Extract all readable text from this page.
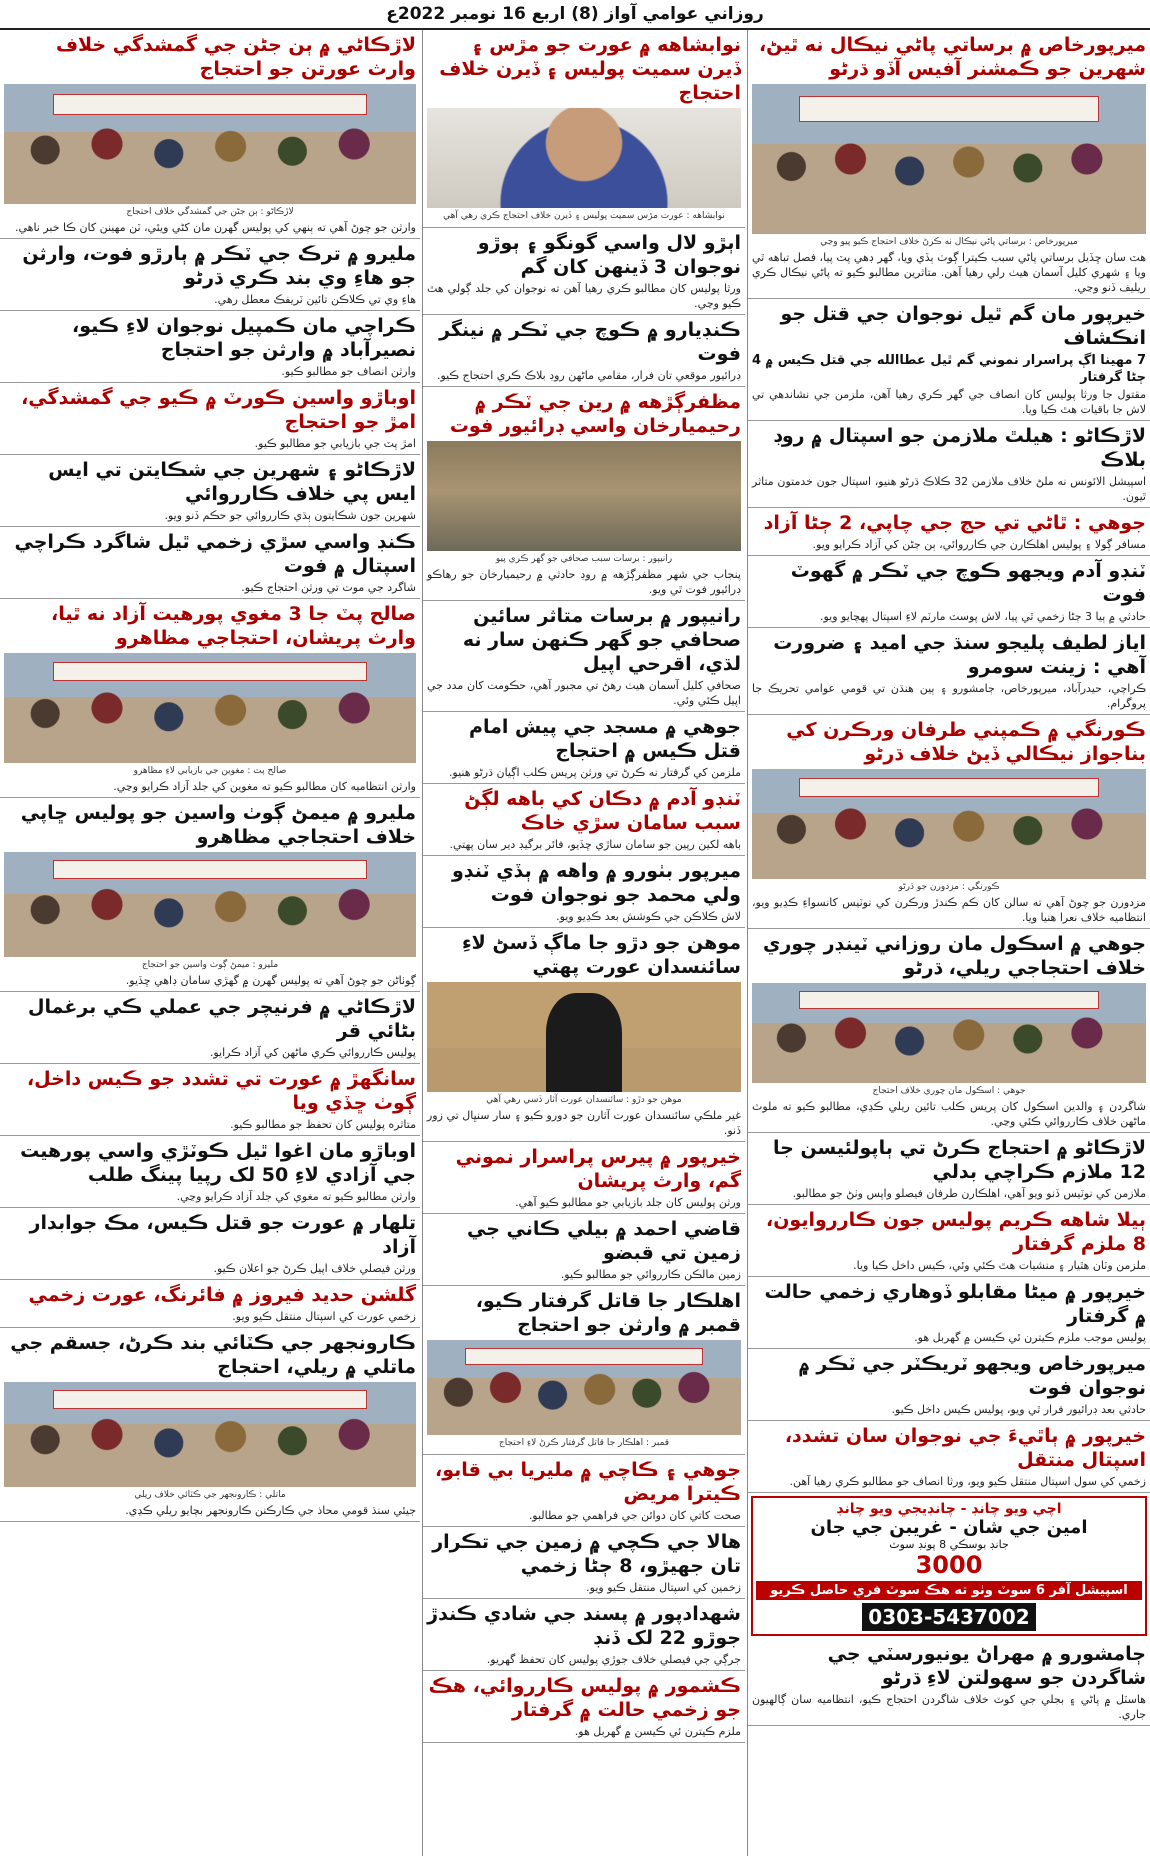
روزاني عوامي آواز (8) اربع 16 نومبر 2022ع
ميرپورخاص ۾ برساتي پاڻي نيڪال نه ٿيڻ، شهرين جو ڪمشنر آفيس آڏو ڌرڻو
ميرپورخاص : برساتي پاڻي نيڪال نه ڪرڻ خلاف احتجاج ڪيو پيو وڃي
هٽ سان ڇڏيل برساتي پاڻي سبب ڪيترا ڳوٺ ٻڏي ويا، گهر ڊهي پٽ پيا، فصل تباهه ٿي ويا ۽ شهري کليل آسمان هيٺ رلي رهيا آهن. متاثرين مطالبو ڪيو ته پاڻي نيڪال ڪري ريليف ڏنو وڃي.
خيرپور مان گم ٿيل نوجوان جي قتل جو انڪشاف
7 مهينا اڳ پراسرار نموني گم ٿيل عطاالله جي قتل ڪيس ۾ 4 ڄڻا گرفتار
مقتول جا ورثا پوليس کان انصاف جي گهر ڪري رهيا آهن، ملزمن جي نشاندهي تي لاش جا باقيات هٿ ڪيا ويا.
لاڙڪاڻو : هيلٿ ملازمن جو اسپتال ۾ روڊ بلاڪ
اسپيشل الائونس نه ملڻ خلاف ملازمن 32 ڪلاڪ ڌرڻو هنيو، اسپتال جون خدمتون متاثر ٿيون.
جوهي : ٿاڻي تي حج جي چاپي، 2 ڄڻا آزاد
مسافر ڳولا ۽ پوليس اهلڪارن جي ڪارروائي، ٻن ڄڻن کي آزاد ڪرايو ويو.
ٽنڊو آدم ويجهو ڪوچ جي ٽڪر ۾ گهوٽ فوت
حادثي ۾ ٻيا 3 ڄڻا زخمي ٿي پيا، لاش پوسٽ مارٽم لاءِ اسپتال پهچايو ويو.
اياز لطيف پليجو سنڌ جي اميد ۽ ضرورت آهي : زينت سومرو
ڪراچي، حيدرآباد، ميرپورخاص، ڄامشورو ۽ ٻين هنڌن تي قومي عوامي تحريڪ جا پروگرام.
ڪورنگي ۾ ڪمپني طرفان ورڪرن کي بناجواز نيڪالي ڏيڻ خلاف ڌرڻو
ڪورنگي : مزدورن جو ڌرڻو
مزدورن جو چوڻ آهي ته سالن کان ڪم ڪندڙ ورڪرن کي نوٽيس کانسواءِ ڪڍيو ويو، انتظاميه خلاف نعرا هنيا ويا.
جوهي ۾ اسڪول مان روزاني ٽينڊر چوري خلاف احتجاجي ريلي، ڌرڻو
جوهي : اسڪول مان چوري خلاف احتجاج
شاگردن ۽ والدين اسڪول کان پريس ڪلب تائين ريلي ڪڍي، مطالبو ڪيو ته ملوث ماڻهن خلاف ڪارروائي ڪئي وڃي.
لاڙڪاڻو ۾ احتجاج ڪرڻ تي ٻاپولئيسن جا 12 ملازم ڪراچي بدلي
ملازمن کي نوٽيس ڏنو ويو آهي، اهلڪارن طرفان فيصلو واپس وٺڻ جو مطالبو.
ٻيلا شاهه ڪريم پوليس جون ڪارروايون، 8 ملزم گرفتار
ملزمن وٽان هٿيار ۽ منشيات هٿ ڪئي وئي، ڪيس داخل ڪيا ويا.
خيرپور ۾ ميڻا مقابلو ڏوهاري زخمي حالت ۾ گرفتار
پوليس موجب ملزم ڪيترن ئي ڪيسن ۾ گهربل هو.
ميرپورخاص ويجهو ٽريڪٽر جي ٽڪر ۾ نوجوان فوت
حادثي بعد ڊرائيور فرار ٿي ويو، پوليس ڪيس داخل ڪيو.
خيرپور ۾ ٻاٿيءَ جي نوجوان سان تشدد، اسپتال منتقل
زخمي کي سول اسپتال منتقل ڪيو ويو، ورثا انصاف جو مطالبو ڪري رهيا آهن.
اچي ويو چانڊ - چانڊيجي ويو چانڊ
امين جي شان - غريبن جي جان
جانڊ بوسڪي 8 پونڊ سوٽ
3000
اسپيشل آفر 6 سوٽ وٺو ته هڪ سوٽ فري حاصل ڪريو
0303-5437002
ڄامشورو ۾ مهراڻ يونيورسٽي جي شاگردن جو سهولتن لاءِ ڌرڻو
هاسٽل ۾ پاڻي ۽ بجلي جي کوٽ خلاف شاگردن احتجاج ڪيو، انتظاميه سان ڳالهيون جاري.
نوابشاهه ۾ عورت جو مڙس ۽ ڏيرن سميت پوليس ۽ ڏيرن خلاف احتجاج
نوابشاهه : عورت مڙس سميت پوليس ۽ ڏيرن خلاف احتجاج ڪري رهي آهي
اٻڙو لال واسي گونگو ۽ ٻوڙو نوجوان 3 ڏينهن کان گم
ورثا پوليس کان مطالبو ڪري رهيا آهن ته نوجوان کي جلد ڳولي هٿ ڪيو وڃي.
ڪنڊيارو ۾ ڪوچ جي ٽڪر ۾ نينگر فوت
ڊرائيور موقعي تان فرار، مقامي ماڻهن روڊ بلاڪ ڪري احتجاج ڪيو.
مظفرڳڙهه ۾ رين جي ٽڪر ۾ رحيميارخان واسي ڊرائيور فوت
رانيپور : برسات سبب صحافي جو گهر ڪري پيو
پنجاب جي شهر مظفرڳڙهه ۾ روڊ حادثي ۾ رحيميارخان جو رهاڪو ڊرائيور فوت ٿي ويو.
رانيپور ۾ برسات متاثر سائين صحافي جو گهر ڪنهن سار نه لڌي، اقرحي اپيل
صحافي کليل آسمان هيٺ رهڻ تي مجبور آهي، حڪومت کان مدد جي اپيل ڪئي وئي.
جوهي ۾ مسجد جي پيش امام قتل ڪيس ۾ احتجاج
ملزمن کي گرفتار نه ڪرڻ تي ورثن پريس ڪلب اڳيان ڌرڻو هنيو.
ٽنڊو آدم ۾ دڪان کي باهه لڳڻ سبب سامان سڙي خاڪ
باهه لکين رپين جو سامان ساڙي ڇڏيو، فائر برگيڊ دير سان پهتي.
ميرپور بٺورو ۾ واهه ۾ ٻڏي ٽنڊو ولي محمد جو نوجوان فوت
لاش ڪلاڪن جي ڪوشش بعد ڪڍيو ويو.
موهن جو دڙو جا ماڳ ڏسڻ لاءِ سائنسدان عورت پهتي
موهن جو دڙو : سائنسدان عورت آثار ڏسي رهي آهي
غير ملڪي سائنسدان عورت آثارن جو دورو ڪيو ۽ سار سنڀال تي زور ڏنو.
خيرپور ۾ پيرس پراسرار نموني گم، وارث پريشان
ورثن پوليس کان جلد بازيابي جو مطالبو ڪيو آهي.
قاضي احمد ۾ بيلي ڪاني جي زمين تي قبضو
زمين مالڪن ڪارروائي جو مطالبو ڪيو.
اهلڪار جا قاتل گرفتار ڪيو، قمبر ۾ وارثن جو احتجاج
قمبر : اهلڪار جا قاتل گرفتار ڪرڻ لاءِ احتجاج
جوهي ۽ ڪاچي ۾ مليريا بي قابو، ڪيترا مريض
صحت کاتي کان دوائن جي فراهمي جو مطالبو.
هالا جي ڪچي ۾ زمين جي تڪرار تان جهيڙو، 8 ڄڻا زخمي
زخمين کي اسپتال منتقل ڪيو ويو.
شهدادپور ۾ پسند جي شادي ڪندڙ جوڙو 22 لک ڏنڊ
جرڳي جي فيصلي خلاف جوڙي پوليس کان تحفظ گهريو.
ڪشمور ۾ پوليس ڪارروائي، هڪ جو زخمي حالت ۾ گرفتار
ملزم ڪيترن ئي ڪيسن ۾ گهربل هو.
لاڙڪاڻي ۾ ٻن جڻن جي گمشدگي خلاف وارث عورتن جو احتجاج
لاڙڪاڻو : ٻن جڻن جي گمشدگي خلاف احتجاج
وارثن جو چوڻ آهي ته ٻنهي کي پوليس گهرن مان کڻي ويئي، ٽن مهينن کان ڪا خبر ناهي.
مليرو ۾ ترڪ جي ٽڪر ۾ ٻارڙو فوت، وارثن جو هاءِ وي بند ڪري ڌرڻو
هاءِ وي تي ڪلاڪن تائين ٽريفڪ معطل رهي.
ڪراچي مان ڪمپيل نوجوان لاءِ ڪيو، نصيرآباد ۾ وارثن جو احتجاج
وارثن انصاف جو مطالبو ڪيو.
اوباڙو واسين ڪورٽ ۾ ڪيو جي گمشدگي، امڙ جو احتجاج
امڙ پٽ جي بازيابي جو مطالبو ڪيو.
لاڙڪاڻو ۽ شهرين جي شڪايتن تي ايس ايس پي خلاف ڪارروائي
شهرين جون شڪايتون ٻڌي ڪارروائي جو حڪم ڏنو ويو.
ڪنڊ واسي سڙي زخمي ٿيل شاگرد ڪراچي اسپتال ۾ فوت
شاگرد جي موت تي ورثن احتجاج ڪيو.
صالح پٽ جا 3 مغوي پورهيت آزاد نه ٿيا، وارث پريشان، احتجاجي مظاهرو
صالح پٽ : مغوين جي بازيابي لاءِ مظاهرو
وارثن انتظاميه کان مطالبو ڪيو ته مغوين کي جلد آزاد ڪرايو وڃي.
مليرو ۾ ميمڻ ڳوٺ واسين جو پوليس ڇاپي خلاف احتجاجي مظاهرو
مليرو : ميمڻ ڳوٺ واسين جو احتجاج
ڳوٺاڻن جو چوڻ آهي ته پوليس گهرن ۾ گهڙي سامان ڊاهي ڇڏيو.
لاڙڪاڻي ۾ فرنيچر جي عملي ڪي برغمال بڻائي قر
پوليس ڪارروائي ڪري ماڻهن کي آزاد ڪرايو.
سانگهڙ ۾ عورت تي تشدد جو ڪيس داخل، ڳوٺ ڇڏي ويا
متاثره پوليس کان تحفظ جو مطالبو ڪيو.
اوباڙو مان اغوا ٿيل ڪوٽڙي واسي پورهيت جي آزادي لاءِ 50 لک رپيا پينگ طلب
وارثن مطالبو ڪيو ته مغوي کي جلد آزاد ڪرايو وڃي.
تلهار ۾ عورت جو قتل ڪيس، مڪ جوابدار آزاد
ورثن فيصلي خلاف اپيل ڪرڻ جو اعلان ڪيو.
گلشن حديد فيروز ۾ فائرنگ، عورت زخمي
زخمي عورت کي اسپتال منتقل ڪيو ويو.
ڪارونجهر جي ڪٽائي بند ڪرڻ، جسقم جي ماتلي ۾ ريلي، احتجاج
ماتلي : ڪارونجهر جي ڪٽائي خلاف ريلي
جيئي سنڌ قومي محاذ جي ڪارڪنن ڪارونجهر بچايو ريلي ڪڍي.
